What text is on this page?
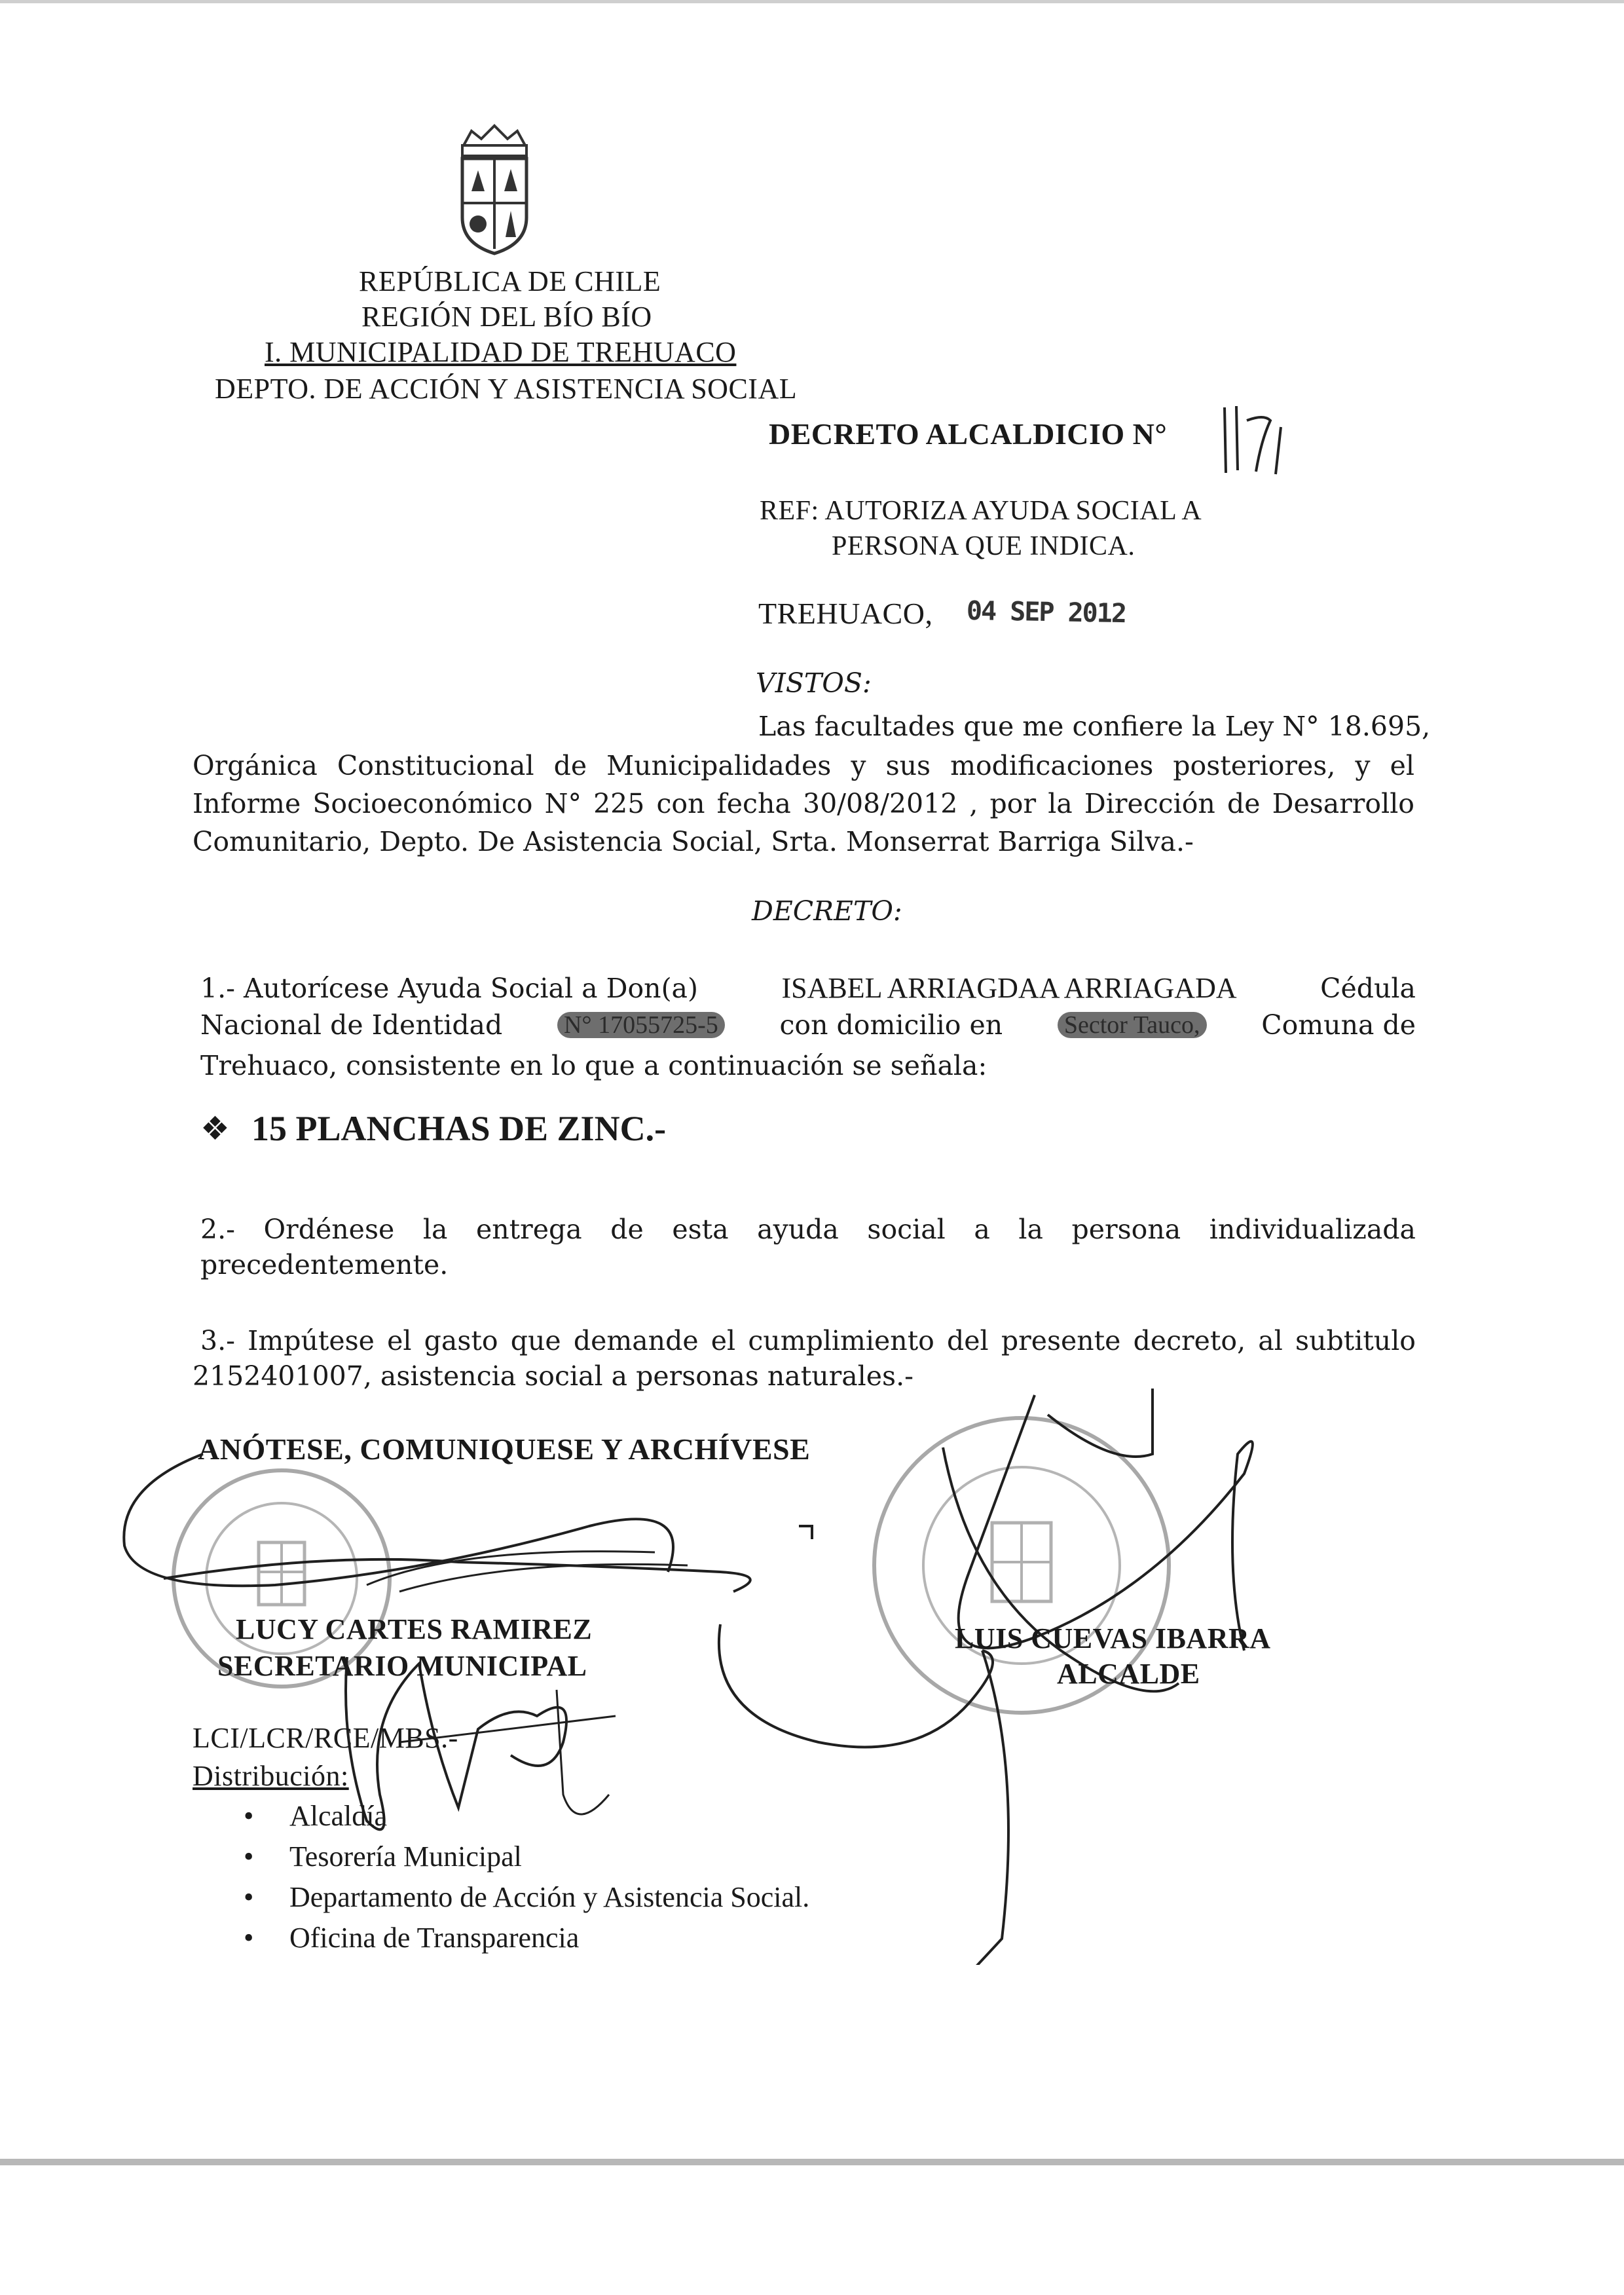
REPÚBLICA DE CHILE
REGIÓN DEL BÍO BÍO
I. MUNICIPALIDAD DE TREHUACO
DEPTO. DE ACCIÓN Y ASISTENCIA SOCIAL
DECRETO ALCALDICIO N°
REF: AUTORIZA AYUDA SOCIAL A
PERSONA QUE INDICA.
TREHUACO, 04 SEP 2012
VISTOS:
Las facultades que me confiere la Ley N° 18.695,
Orgánica Constitucional de Municipalidades y sus modificaciones posteriores, y el
Informe Socioeconómico N° 225 con fecha 30/08/2012 , por la Dirección de Desarrollo
Comunitario, Depto. De Asistencia Social, Srta. Monserrat Barriga Silva.-
DECRETO:
1.- Autorícese Ayuda Social a Don(a)	ISABEL ARRIAGDAA ARRIAGADA	Cédula
Nacional de Identidad N° 17055725-5 con domicilio en Sector Tauco, Comuna de
Trehuaco, consistente en lo que a continuación se señala:
❖ 15 PLANCHAS DE ZINC.-
2.- Ordénese la entrega de esta ayuda social a la persona individualizada
precedentemente.
3.- Impútese el gasto que demande el cumplimiento del presente decreto, al subtitulo
2152401007, asistencia social a personas naturales.-
ANÓTESE, COMUNIQUESE Y ARCHÍVESE
LUCY CARTES RAMIREZ
SECRETARIO MUNICIPAL
LUIS CUEVAS IBARRA
ALCALDE
LCI/LCR/RCE/MBS.-
Distribución:
• Alcaldía
• Tesorería Municipal
• Departamento de Acción y Asistencia Social.
• Oficina de Transparencia
